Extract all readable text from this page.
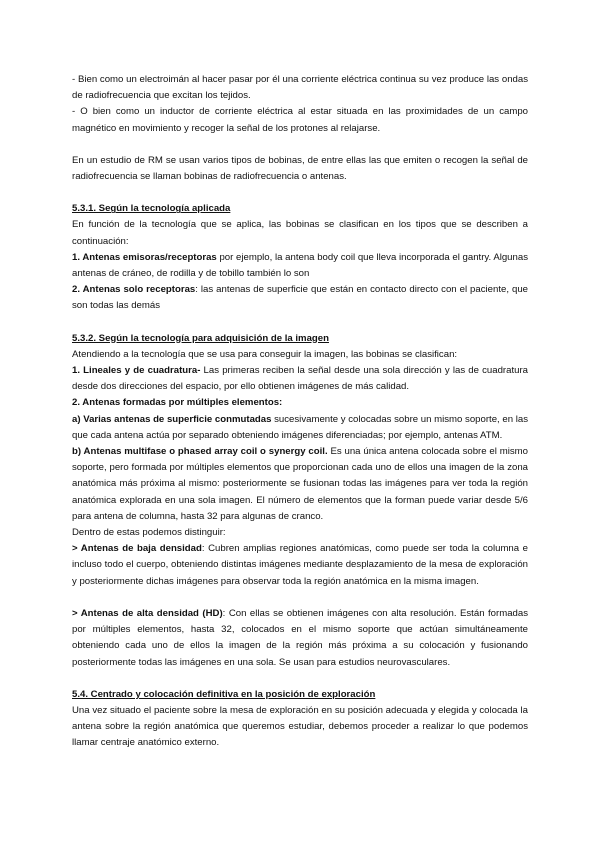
- Bien como un electroimán al hacer pasar por él una corriente eléctrica continua su vez produce las ondas de radiofrecuencia que excitan los tejidos.

- O bien como un inductor de corriente eléctrica al estar situada en las proximidades de un campo magnético en movimiento y recoger la señal de los protones al relajarse.

En un estudio de RM se usan varios tipos de bobinas, de entre ellas las que emiten o recogen la señal de radiofrecuencia se llaman bobinas de radiofrecuencia o antenas.

5.3.1. Según la tecnología aplicada

En función de la tecnología que se aplica, las bobinas se clasifican en los tipos que se describen a continuación:

1. Antenas emisoras/receptoras por ejemplo, la antena body coil que lleva incorporada el gantry. Algunas antenas de cráneo, de rodilla y de tobillo también lo son

2. Antenas solo receptoras: las antenas de superficie que están en contacto directo con el paciente, que son todas las demás

5.3.2. Según la tecnología para adquisición de la imagen

Atendiendo a la tecnología que se usa para conseguir la imagen, las bobinas se clasifican:

1. Lineales y de cuadratura- Las primeras reciben la señal desde una sola dirección y las de cuadratura desde dos direcciones del espacio, por ello obtienen imágenes de más calidad.

2. Antenas formadas por múltiples elementos:

a) Varias antenas de superficie conmutadas sucesivamente y colocadas sobre un mismo soporte, en las que cada antena actúa por separado obteniendo imágenes diferenciadas; por ejemplo, antenas ATM.

b) Antenas multifase o phased array coil o synergy coil. Es una única antena colocada sobre el mismo soporte, pero formada por múltiples elementos que proporcionan cada uno de ellos una imagen de la zona anatómica más próxima al mismo: posteriormente se fusionan todas las imágenes para ver toda la región anatómica explorada en una sola imagen. El número de elementos que la forman puede variar desde 5/6 para antena de columna, hasta 32 para algunas de cranco.

Dentro de estas podemos distinguir:

> Antenas de baja densidad: Cubren amplias regiones anatómicas, como puede ser toda la columna e incluso todo el cuerpo, obteniendo distintas imágenes mediante desplazamiento de la mesa de exploración y posteriormente dichas imágenes para observar toda la región anatómica en la misma imagen.

> Antenas de alta densidad (HD): Con ellas se obtienen imágenes con alta resolución. Están formadas por múltiples elementos, hasta 32, colocados en el mismo soporte que actúan simultáneamente obteniendo cada uno de ellos la imagen de la región más próxima a su colocación y fusionando posteriormente todas las imágenes en una sola. Se usan para estudios neurovasculares.

5.4. Centrado y colocación definitiva en la posición de exploración

Una vez situado el paciente sobre la mesa de exploración en su posición adecuada y elegida y colocada la antena sobre la región anatómica que queremos estudiar, debemos proceder a realizar lo que podemos llamar centraje anatómico externo.
